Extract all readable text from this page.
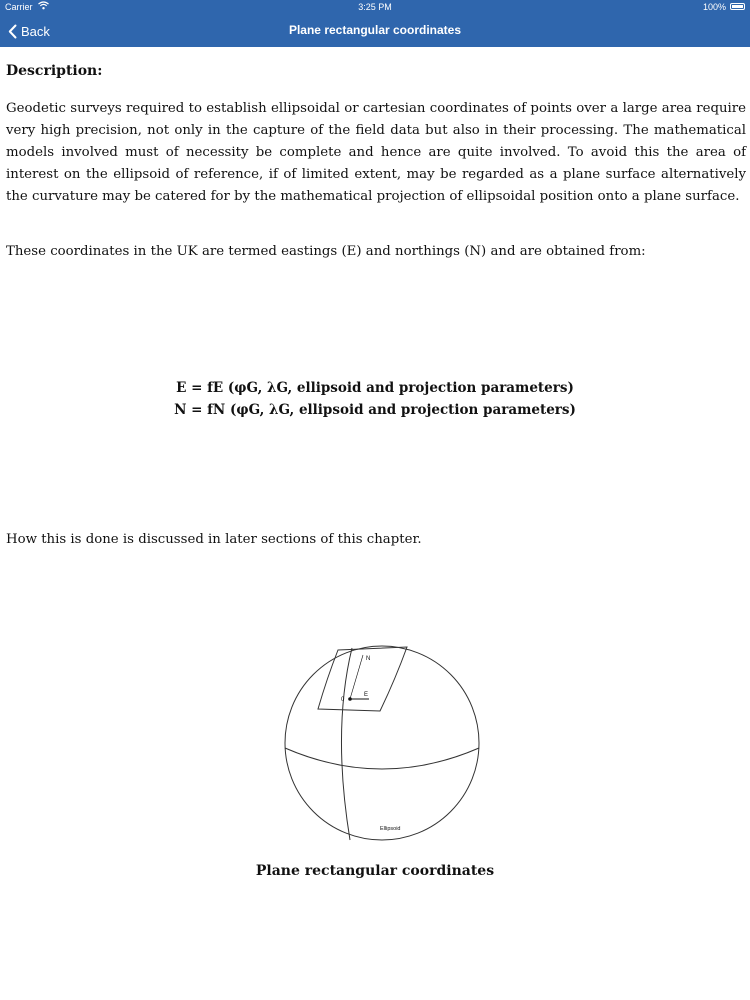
Carrier	3:25 PM	100%
Back	Plane rectangular coordinates
Description:

Geodetic surveys required to establish ellipsoidal or cartesian coordinates of points over a large area require very high precision, not only in the capture of the field data but also in their processing. The mathematical models involved must of necessity be complete and hence are quite involved. To avoid this the area of interest on the ellipsoid of reference, if of limited extent, may be regarded as a plane surface alternatively the curvature may be catered for by the mathematical projection of ellipsoidal position onto a plane surface.

These coordinates in the UK are termed eastings (E) and northings (N) and are obtained from:

E = fE (φG, λG, ellipsoid and projection parameters)
N = fN (φG, λG, ellipsoid and projection parameters)
How this is done is discussed in later sections of this chapter.
N
E
0
Ellipsoid
Plane rectangular coordinates
